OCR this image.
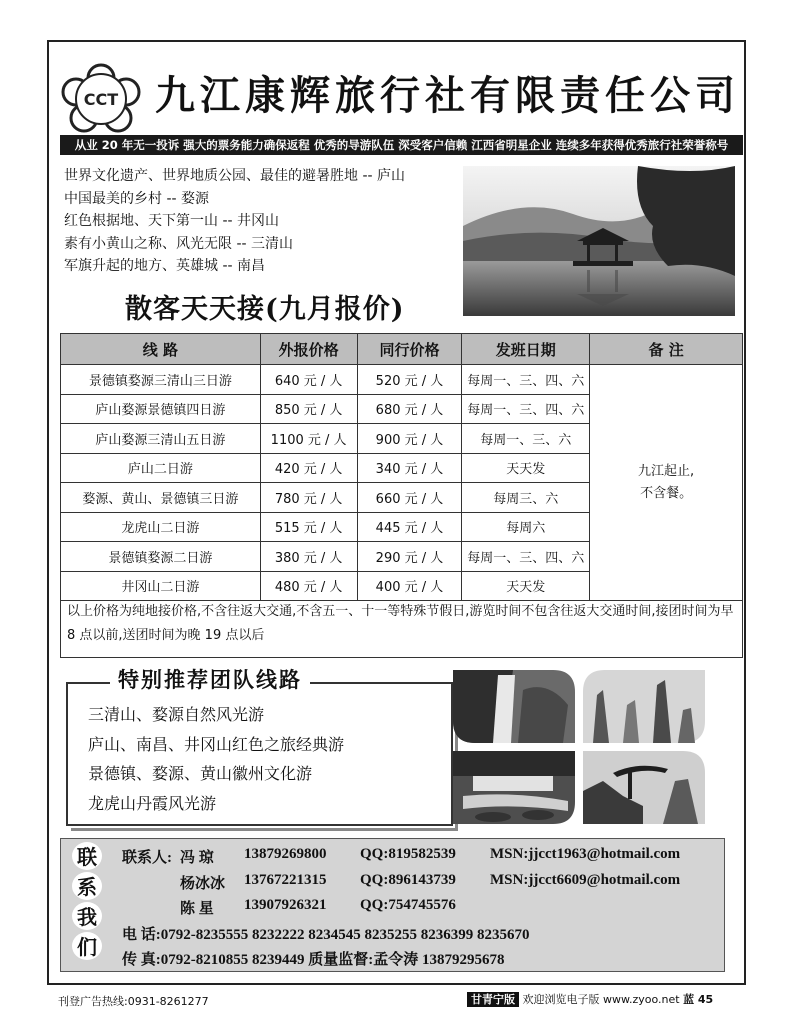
CCT 九江康辉旅行社有限责任公司
从业 20 年无一投诉 强大的票务能力确保返程 优秀的导游队伍 深受客户信赖 江西省明星企业 连续多年获得优秀旅行社荣誉称号
世界文化遗产、世界地质公园、最佳的避暑胜地 -- 庐山
中国最美的乡村 -- 婺源
红色根据地、天下第一山 -- 井冈山
素有小黄山之称、风光无限 -- 三清山
军旗升起的地方、英雄城 -- 南昌
散客天天接(九月报价)
线 路	外报价格	同行价格	发班日期	备 注
景德镇婺源三清山三日游	640 元 / 人	520 元 / 人	每周一、三、四、六	九江起止,
不含餐。

庐山婺源景德镇四日游	850 元 / 人	680 元 / 人	每周一、三、四、六	
庐山婺源三清山五日游	1100 元 / 人	900 元 / 人	每周一、三、六	
庐山二日游	420 元 / 人	340 元 / 人	天天发	
婺源、黄山、景德镇三日游	780 元 / 人	660 元 / 人	每周三、六	
龙虎山二日游	515 元 / 人	445 元 / 人	每周六	
景德镇婺源二日游	380 元 / 人	290 元 / 人	每周一、三、四、六	
井冈山二日游	480 元 / 人	400 元 / 人	天天发	
以上价格为纯地接价格,不含往返大交通,不含五一、十一等特殊节假日,游览时间不包含往返大交通时间,接团时间为早 8 点以前,送团时间为晚 19 点以后
特别推荐团队线路
三清山、婺源自然风光游
庐山、南昌、井冈山红色之旅经典游
景德镇、婺源、黄山徽州文化游
龙虎山丹霞风光游
联
系
我
们
联系人: 冯 琼 13879269800 QQ:819582539 MSN:jjcct1963@hotmail.com
杨冰冰 13767221315 QQ:896143739 MSN:jjcct6609@hotmail.com
陈 星 13907926321 QQ:754745576
电 话:0792-8235555 8232222 8234545 8235255 8236399 8235670
传 真:0792-8210855 8239449 质量监督:孟令涛 13879295678
刊登广告热线:0931-8261277	甘青宁版 欢迎浏览电子版 www.zyoo.net 蓝 45
